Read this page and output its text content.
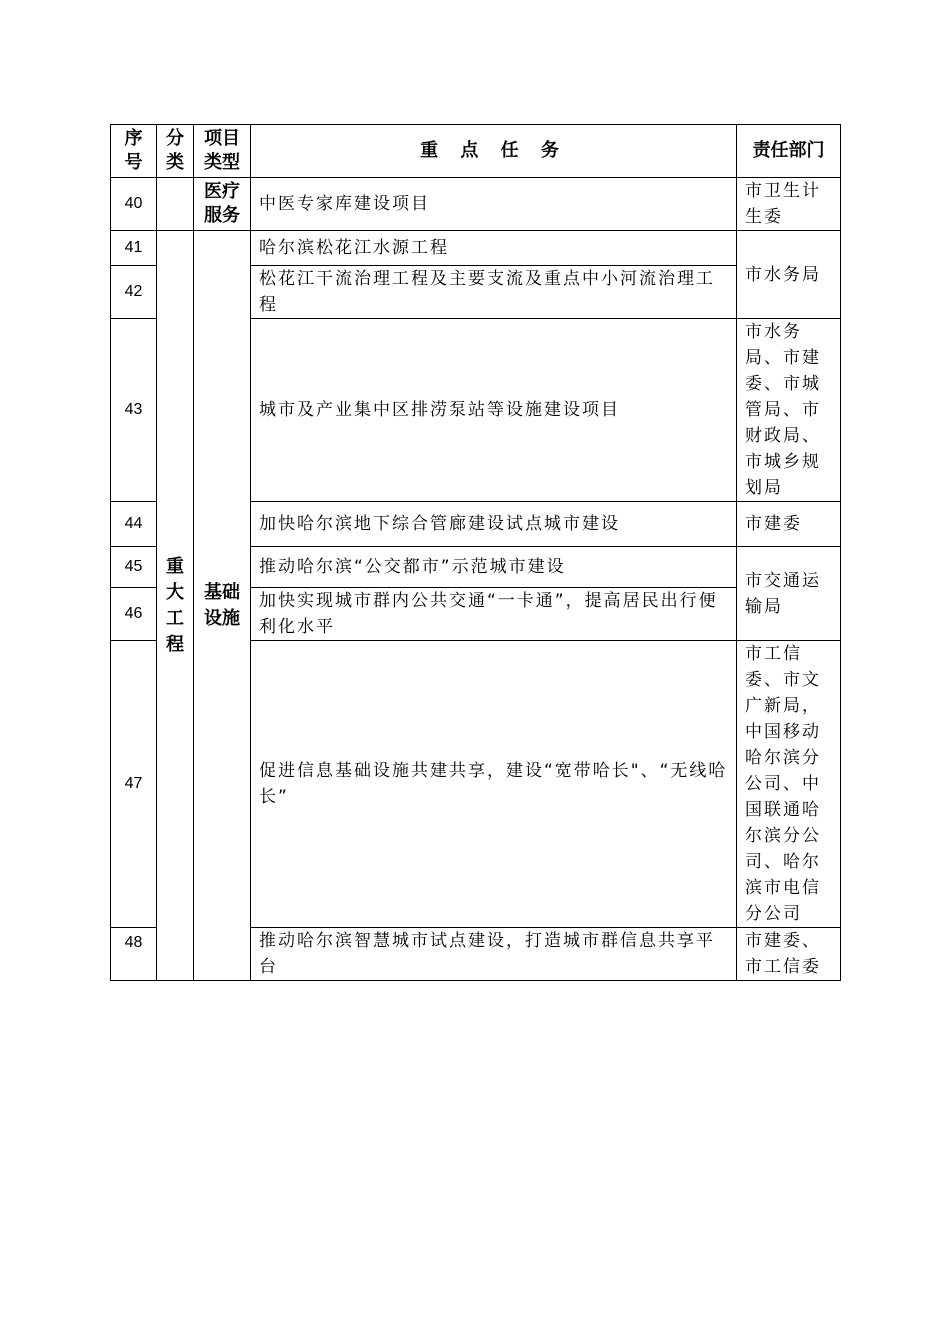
序号	分类	项目类型	重 点 任 务	责任部门
40		医疗服务	中医专家库建设项目	市卫生计生委
41	重大工程	基础设施	哈尔滨松花江水源工程	市水务局
42			松花江干流治理工程及主要支流及重点中小河流治理工程	
43			城市及产业集中区排涝泵站等设施建设项目	市水务局、市建委、市城管局、市财政局、市城乡规划局
44			加快哈尔滨地下综合管廊建设试点城市建设	市建委
45			推动哈尔滨“公交都市”示范城市建设	市交通运输局
46			加快实现城市群内公共交通“一卡通”，提高居民出行便利化水平	
47			促进信息基础设施共建共享，建设“宽带哈长"、“无线哈长”	市工信委、市文广新局，中国移动哈尔滨分公司、中国联通哈尔滨分公司、哈尔滨市电信分公司
48			推动哈尔滨智慧城市试点建设，打造城市群信息共享平台	市建委、市工信委
